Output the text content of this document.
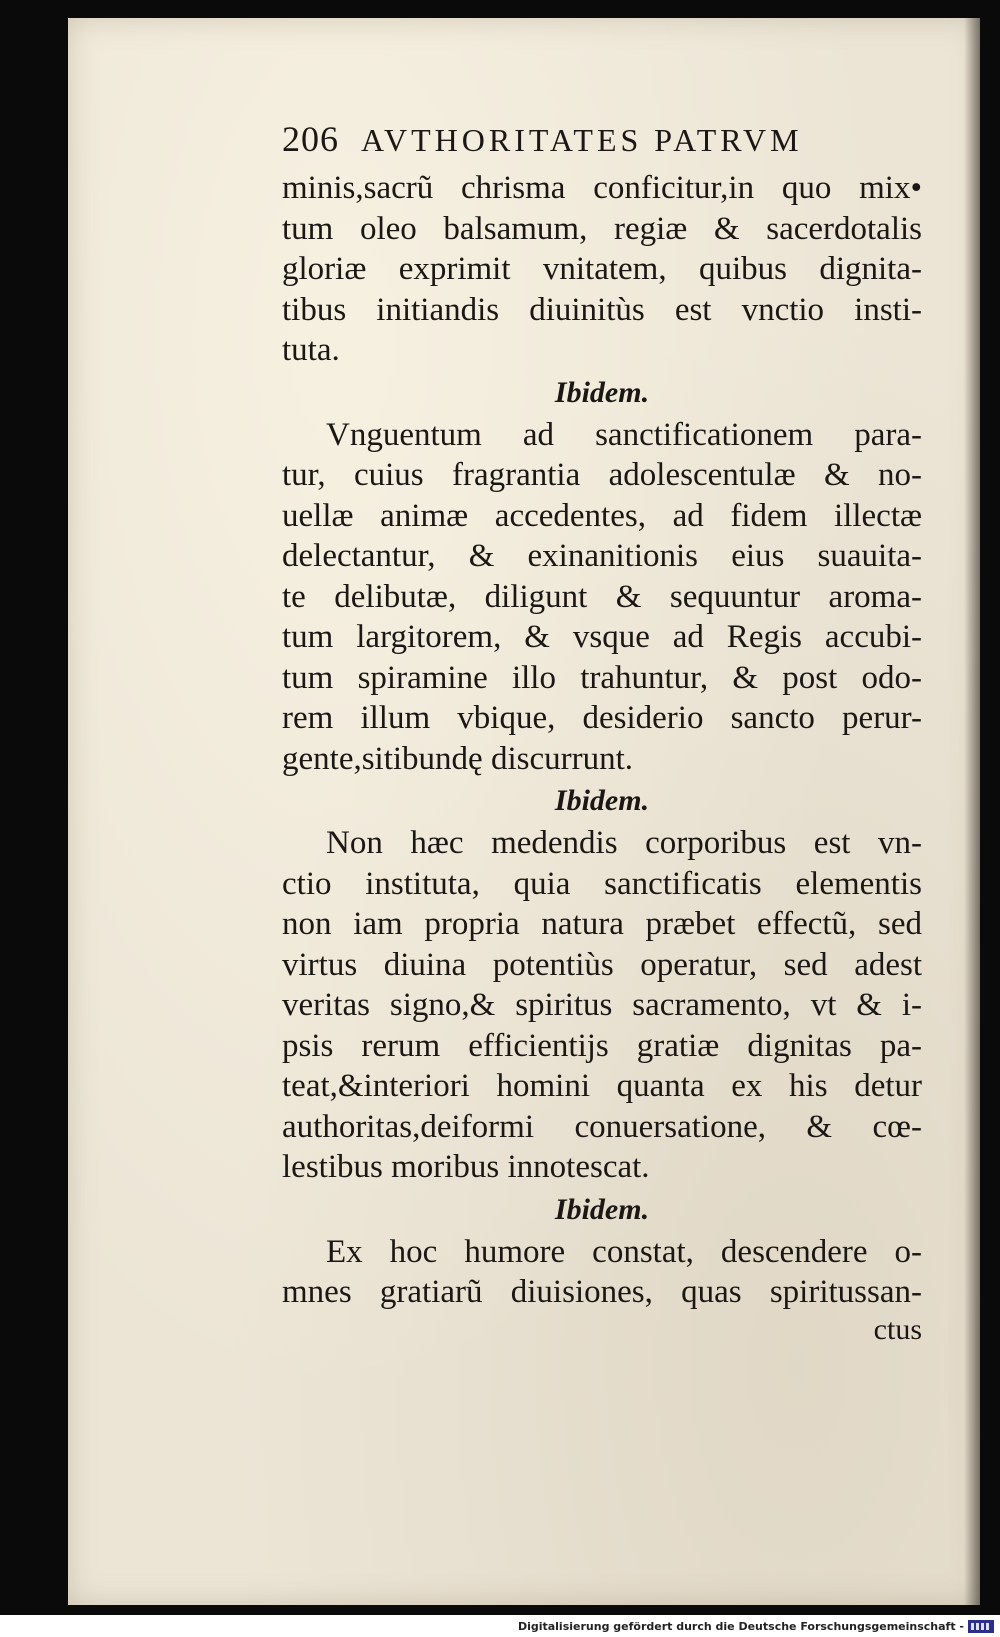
206 AVTHORITATES PATRVM
minis,sacrũ chrisma conficitur,in quo mix•
tum oleo balsamum, regiæ & sacerdotalis
gloriæ exprimit vnitatem, quibus dignita-
tibus initiandis diuinitùs est vnctio insti-
tuta.
Ibidem.
Vnguentum ad sanctificationem para-
tur, cuius fragrantia adolescentulæ & no-
uellæ animæ accedentes, ad fidem illectæ
delectantur, & exinanitionis eius suauita-
te delibutæ, diligunt & sequuntur aroma-
tum largitorem, & vsque ad Regis accubi-
tum spiramine illo trahuntur, & post odo-
rem illum vbique, desiderio sancto perur-
gente,sitibundę discurrunt.
Ibidem.
Non hæc medendis corporibus est vn-
ctio instituta, quia sanctificatis elementis
non iam propria natura præbet effectũ, sed
virtus diuina potentiùs operatur, sed adest
veritas signo,& spiritus sacramento, vt & i-
psis rerum efficientijs gratiæ dignitas pa-
teat,&interiori homini quanta ex his detur
authoritas,deiformi conuersatione, & cœ-
lestibus moribus innotescat.
Ibidem.
Ex hoc humore constat, descendere o-
mnes gratiarũ diuisiones, quas spiritussan-
ctus
Digitalisierung gefördert durch die Deutsche Forschungsgemeinschaft -
